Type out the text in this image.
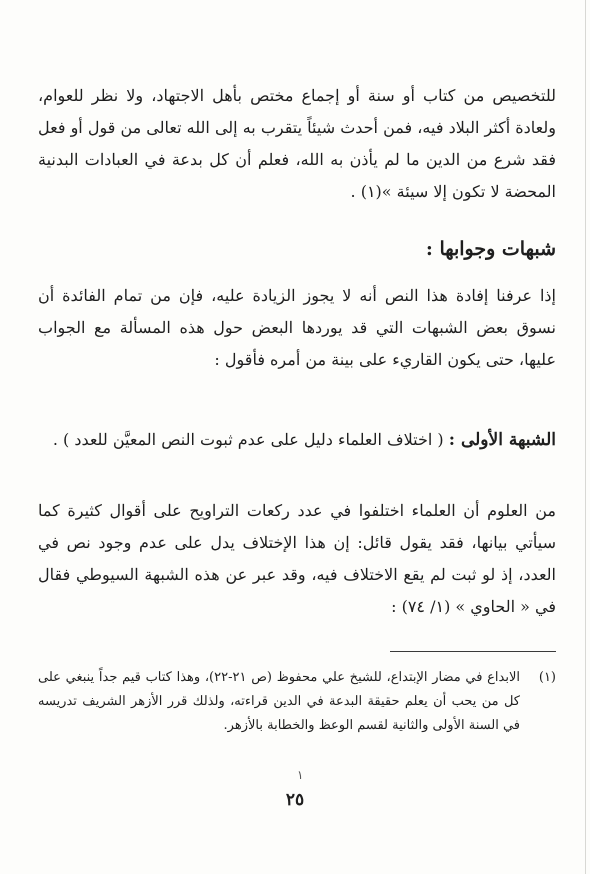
للتخصيص من كتاب أو سنة أو إجماع مختص بأهل الاجتهاد، ولا نظر للعوام، ولعادة أكثر البلاد فيه، فمن أحدث شيئاً يتقرب به إلى الله تعالى من قول أو فعل فقد شرع من الدين ما لم يأذن به الله، فعلم أن كل بدعة في العبادات البدنية المحضة لا تكون إلا سيئة »(١) .

شبهات وجوابها :

إذا عرفنا إفادة هذا النص أنه لا يجوز الزيادة عليه، فإن من تمام الفائدة أن نسوق بعض الشبهات التي قد يوردها البعض حول هذه المسألة مع الجواب عليها، حتى يكون القاريء على بينة من أمره فأقول :

الشبهة الأولى : ( اختلاف العلماء دليل على عدم ثبوت النص المعيَّن للعدد ) .

من العلوم أن العلماء اختلفوا في عدد ركعات التراويح على أقوال كثيرة كما سيأتي بيانها، فقد يقول قائل: إن هذا الإختلاف يدل على عدم وجود نص في العدد، إذ لو ثبت لم يقع الاختلاف فيه، وقد عبر عن هذه الشبهة السيوطي فقال في « الحاوي » (١/ ٧٤) :

(١)

الابداع في مضار الإبتداع، للشيخ علي محفوظ (ص ٢١-٢٢)، وهذا كتاب قيم جداً ينبغي على كل من يحب أن يعلم حقيقة البدعة في الدين قراءته، ولذلك قرر الأزهر الشريف تدريسه في السنة الأولى والثانية لقسم الوعظ والخطابة بالأزهر.

١
٢٥
